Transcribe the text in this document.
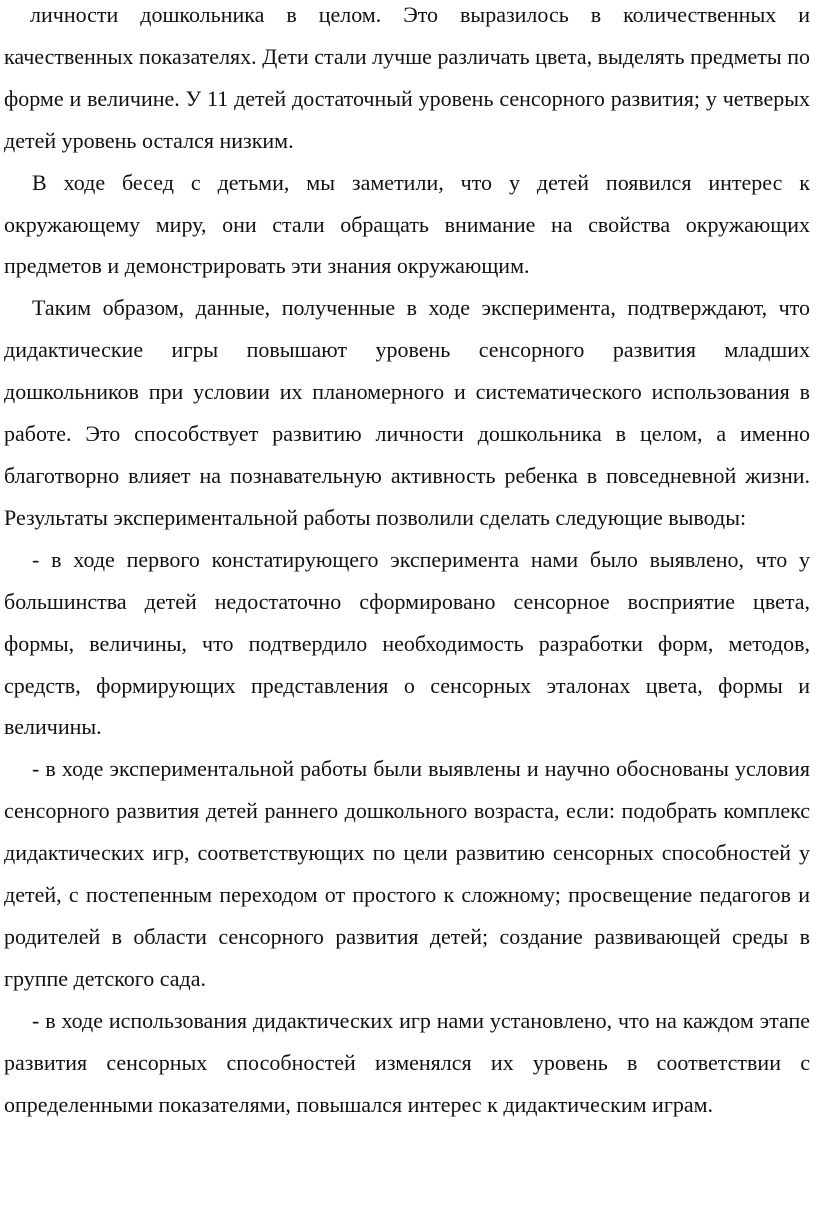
личности дошкольника в целом. Это выразилось в количественных и качественных показателях. Дети стали лучше различать цвета, выделять предметы по форме и величине. У 11 детей достаточный уровень сенсорного развития; у четверых детей уровень остался низким.

В ходе бесед с детьми, мы заметили, что у детей появился интерес к окружающему миру, они стали обращать внимание на свойства окружающих предметов и демонстрировать эти знания окружающим.

Таким образом, данные, полученные в ходе эксперимента, подтверждают, что дидактические игры повышают уровень сенсорного развития младших дошкольников при условии их планомерного и систематического использования в работе. Это способствует развитию личности дошкольника в целом, а именно благотворно влияет на познавательную активность ребенка в повседневной жизни. Результаты экспериментальной работы позволили сделать следующие выводы:

- в ходе первого констатирующего эксперимента нами было выявлено, что у большинства детей недостаточно сформировано сенсорное восприятие цвета, формы, величины, что подтвердило необходимость разработки форм, методов, средств, формирующих представления о сенсорных эталонах цвета, формы и величины.

- в ходе экспериментальной работы были выявлены и научно обоснованы условия сенсорного развития детей раннего дошкольного возраста, если: подобрать комплекс дидактических игр, соответствующих по цели развитию сенсорных способностей у детей, с постепенным переходом от простого к сложному; просвещение педагогов и родителей в области сенсорного развития детей; создание развивающей среды в группе детского сада.

- в ходе использования дидактических игр нами установлено, что на каждом этапе развития сенсорных способностей изменялся их уровень в соответствии с определенными показателями, повышался интерес к дидактическим играм.
